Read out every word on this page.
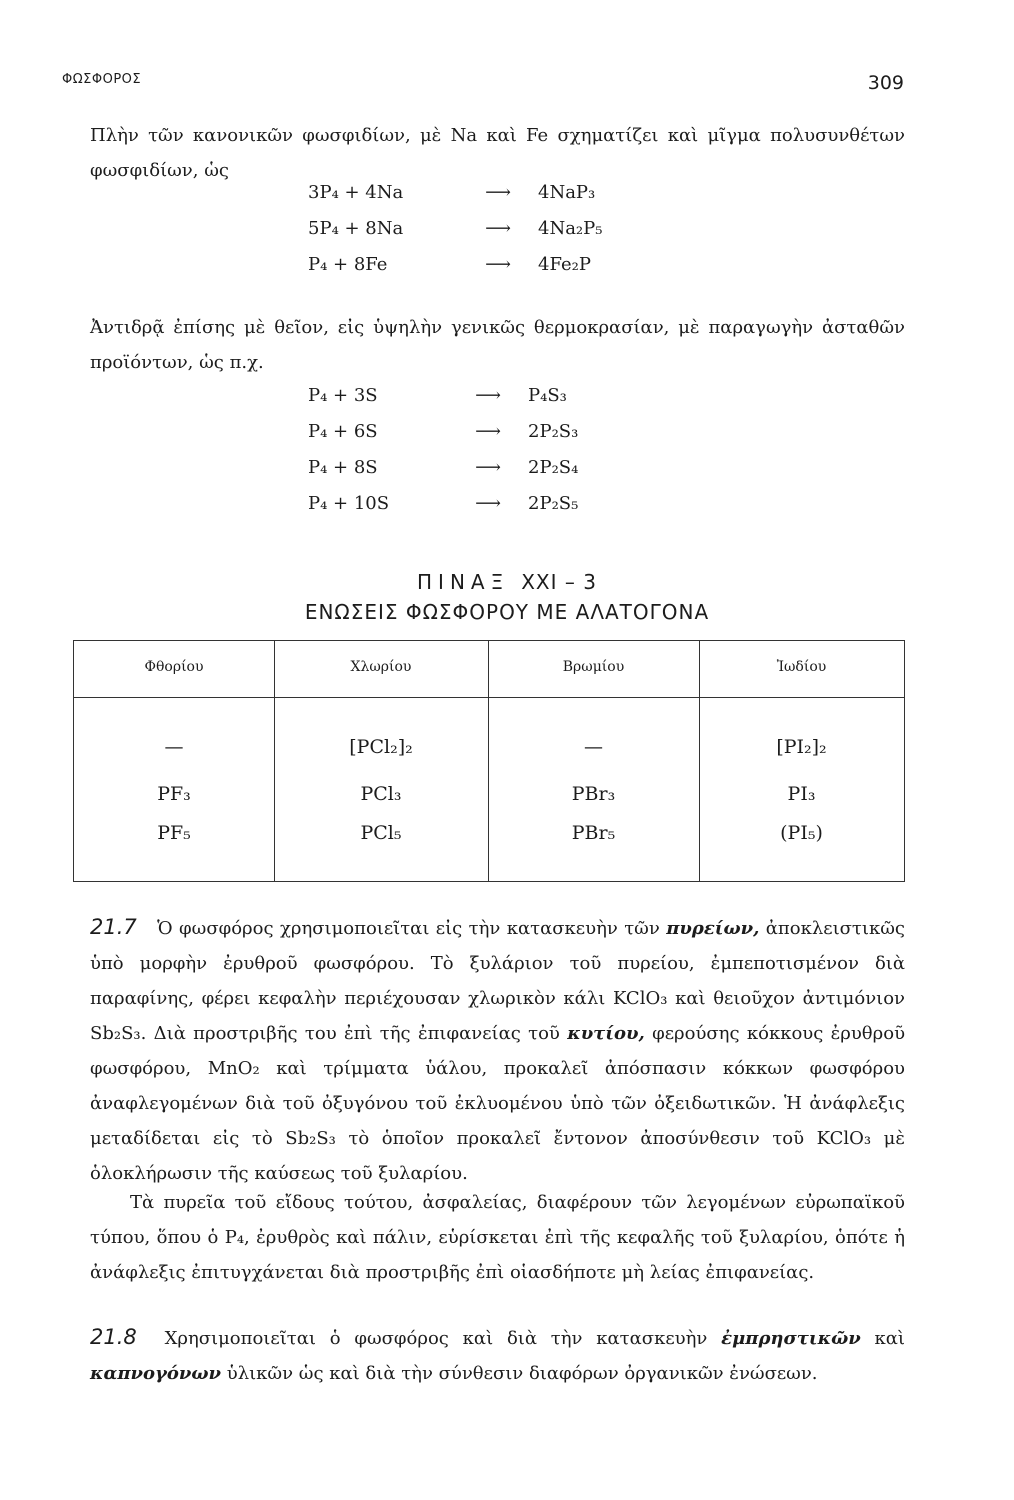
ΦΩΣΦΟΡΟΣ	309

Πλὴν τῶν κανονικῶν φωσφιδίων, μὲ Na καὶ Fe σχηματίζει καὶ μῖγμα πολυσυνθέτων φωσφιδίων, ὡς

3P₄ + 4Na	⟶ 4NaP₃
5P₄ + 8Na	⟶ 4Na₂P₅
P₄ + 8Fe	⟶ 4Fe₂P

Ἀντιδρᾷ ἐπίσης μὲ θεῖον, εἰς ὑψηλὴν γενικῶς θερμοκρασίαν, μὲ παραγωγὴν ἀσταθῶν προϊόντων, ὡς π.χ.

P₄ + 3S	⟶ P₄S₃
P₄ + 6S	⟶ 2P₂S₃
P₄ + 8S	⟶ 2P₂S₄
P₄ + 10S	⟶ 2P₂S₅
ΠΙΝΑΞ XXI – 3
ΕΝΩΣΕΙΣ ΦΩΣΦΟΡΟΥ ΜΕ ΑΛΑΤΟΓΟΝΑ
Φθορίου	Χλωρίου	Βρωμίου	Ἰωδίου
—	[PCl₂]₂	—	[PI₂]₂
PF₃	PCl₃	PBr₃	PI₃
PF₅	PCl₅	PBr₅	(PI₅)

21.7 Ὁ φωσφόρος χρησιμοποιεῖται εἰς τὴν κατασκευὴν τῶν πυρείων, ἀποκλειστικῶς ὑπὸ μορφὴν ἐρυθροῦ φωσφόρου. Τὸ ξυλάριον τοῦ πυρείου, ἐμπεποτισμένον διὰ παραφίνης, φέρει κεφαλὴν περιέχουσαν χλωρικὸν κάλι KClO₃ καὶ θειοῦχον ἀντιμόνιον Sb₂S₃. Διὰ προστριβῆς του ἐπὶ τῆς ἐπιφανείας τοῦ κυτίου, φερούσης κόκκους ἐρυθροῦ φωσφόρου, MnO₂ καὶ τρίμματα ὑάλου, προκαλεῖ ἀπόσπασιν κόκκων φωσφόρου ἀναφλεγομένων διὰ τοῦ ὀξυγόνου τοῦ ἐκλυομένου ὑπὸ τῶν ὀξειδωτικῶν. Ἡ ἀνάφλεξις μεταδίδεται εἰς τὸ Sb₂S₃ τὸ ὁποῖον προκαλεῖ ἔντονον ἀποσύνθεσιν τοῦ KClO₃ μὲ ὁλοκλήρωσιν τῆς καύσεως τοῦ ξυλαρίου.

Τὰ πυρεῖα τοῦ εἴδους τούτου, ἀσφαλείας, διαφέρουν τῶν λεγομένων εὐρωπαϊκοῦ τύπου, ὅπου ὁ P₄, ἐρυθρὸς καὶ πάλιν, εὑρίσκεται ἐπὶ τῆς κεφαλῆς τοῦ ξυλαρίου, ὁπότε ἡ ἀνάφλεξις ἐπιτυγχάνεται διὰ προστριβῆς ἐπὶ οἱασδήποτε μὴ λείας ἐπιφανείας.

21.8 Χρησιμοποιεῖται ὁ φωσφόρος καὶ διὰ τὴν κατασκευὴν ἐμπρηστικῶν καὶ καπνογόνων ὑλικῶν ὡς καὶ διὰ τὴν σύνθεσιν διαφόρων ὀργανικῶν ἐνώσεων.
